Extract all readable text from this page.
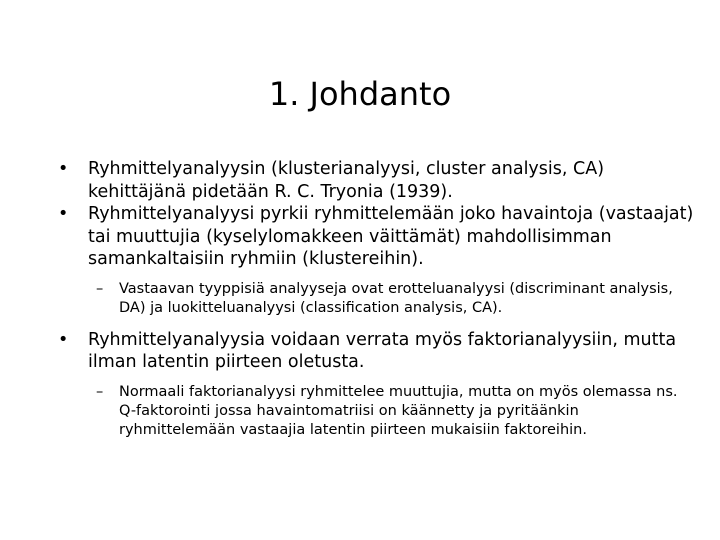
1. Johdanto
• Ryhmittelyanalyysin (klusterianalyysi, cluster analysis, CA) kehittäjänä pidetään R. C. Tryonia (1939).
• Ryhmittelyanalyysi pyrkii ryhmittelemään joko havaintoja (vastaajat) tai muuttujia (kyselylomakkeen väittämät) mahdollisimman samankaltaisiin ryhmiin (klustereihin).
– Vastaavan tyyppisiä analyyseja ovat erotteluanalyysi (discriminant analysis, DA) ja luokitteluanalyysi (classification analysis, CA).
• Ryhmittelyanalyysia voidaan verrata myös faktorianalyysiin, mutta ilman latentin piirteen oletusta.
– Normaali faktorianalyysi ryhmittelee muuttujia, mutta on myös olemassa ns. Q-faktorointi jossa havaintomatriisi on käännetty ja pyritäänkin ryhmittelemään vastaajia latentin piirteen mukaisiin faktoreihin.
